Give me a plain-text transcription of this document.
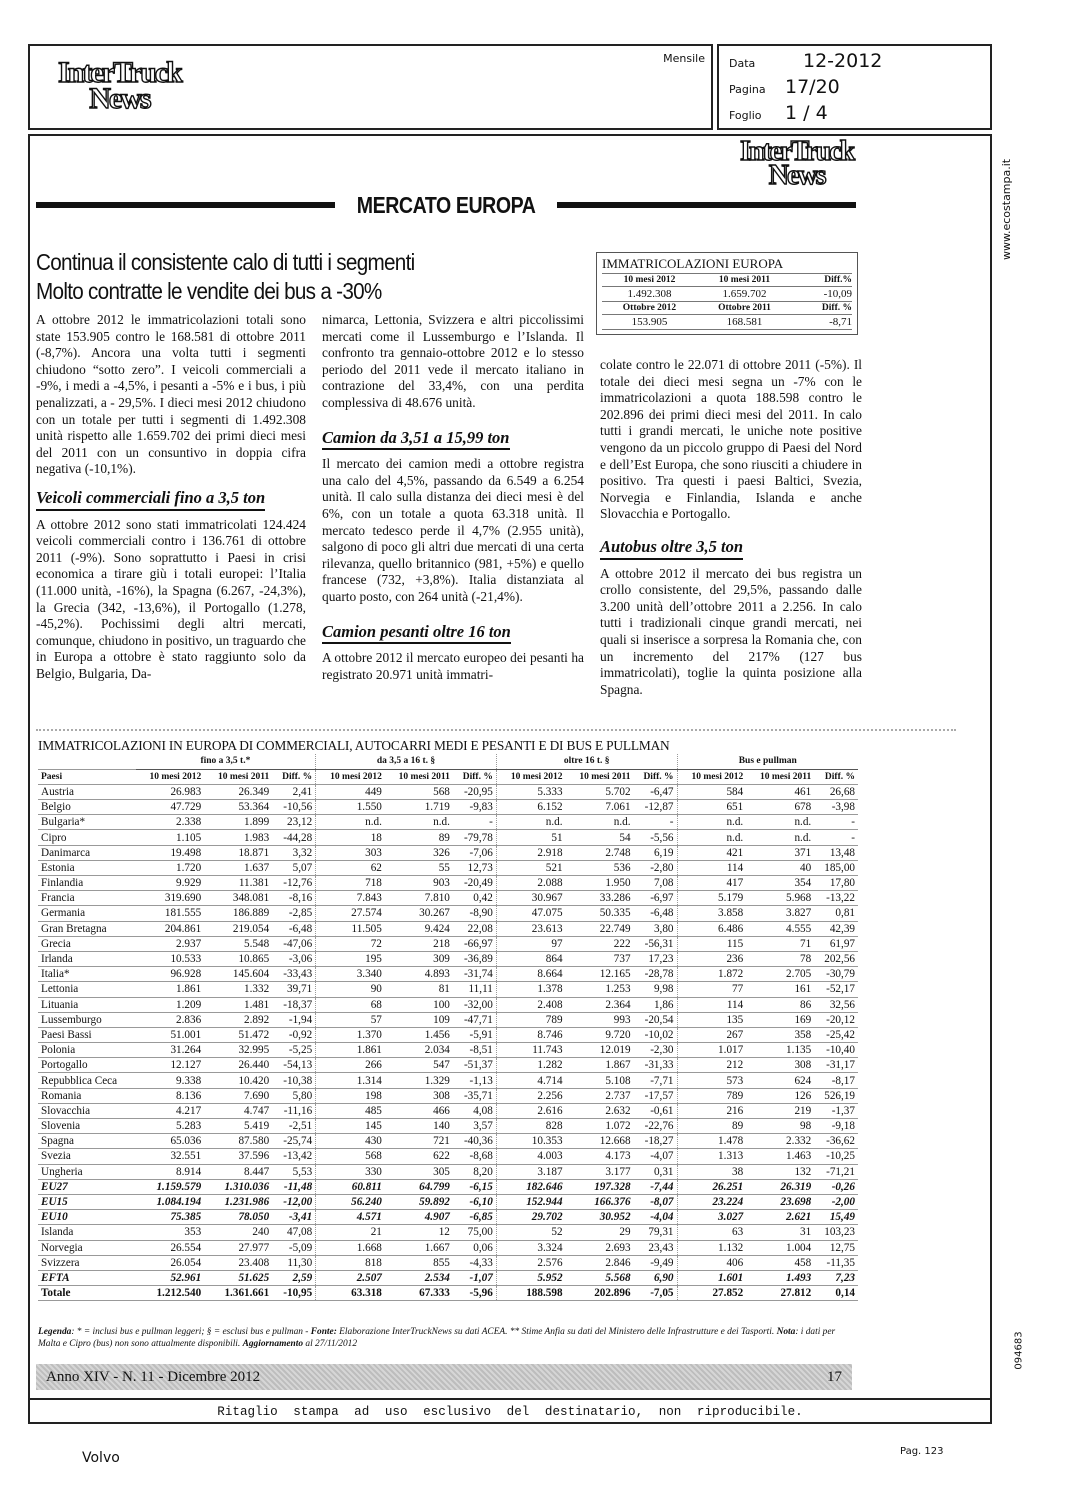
InterTruck
News
Mensile Data	12-2012
Pagina 17/20
Foglio 1 / 4
www.ecostampa.it
094683
InterTruck
News
MERCATO EUROPA
Continua il consistente calo di tutti i segmenti
Molto contratte le vendite dei bus a -30%
IMMATRICOLAZIONI EUROPA
10 mesi 2012	10 mesi 2011	Diff.%
1.492.308	1.659.702	-10,09
Ottobre 2012	Ottobre 2011	Diff. %
153.905	168.581	-8,71

A ottobre 2012 le immatricolazioni totali sono state 153.905 contro le 168.581 di ottobre 2011 (-8,7%). Ancora una volta tutti i segmenti chiudono “sotto zero”. I veicoli commerciali a -9%, i medi a -4,5%, i pesanti a -5% e i bus, i più penalizzati, a - 29,5%. I dieci mesi 2012 chiudono con un totale per tutti i segmenti di 1.492.308 unità rispetto alle 1.659.702 dei primi dieci mesi del 2011 con un consuntivo in doppia cifra negativa (-10,1%).

Veicoli commerciali fino a 3,5 ton

A ottobre 2012 sono stati immatricolati 124.424 veicoli commerciali contro i 136.761 di ottobre 2011 (-9%). Sono soprattutto i Paesi in crisi economica a tirare giù i totali europei: l’Italia (11.000 unità, -16%), la Spagna (6.267, -24,3%), la Grecia (342, -13,6%), il Portogallo (1.278, -45,2%). Pochissimi degli altri mercati, comunque, chiudono in positivo, un traguardo che in Europa a ottobre è stato raggiunto solo da Belgio, Bulgaria, Da-

nimarca, Lettonia, Svizzera e altri piccolissimi mercati come il Lussemburgo e l’Islanda. Il confronto tra gennaio-ottobre 2012 e lo stesso periodo del 2011 vede il mercato italiano in contrazione del 33,4%, con una perdita complessiva di 48.676 unità.

Camion da 3,51 a 15,99 ton

Il mercato dei camion medi a ottobre registra una calo del 4,5%, passando da 6.549 a 6.254 unità. Il calo sulla distanza dei dieci mesi è del 6%, con un totale a quota 63.318 unità. Il mercato tedesco perde il 4,7% (2.955 unità), salgono di poco gli altri due mercati di una certa rilevanza, quello britannico (981, +5%) e quello francese (732, +3,8%). Italia distanziata al quarto posto, con 264 unità (-21,4%).

Camion pesanti oltre 16 ton

A ottobre 2012 il mercato europeo dei pesanti ha registrato 20.971 unità immatri-

colate contro le 22.071 di ottobre 2011 (-5%). Il totale dei dieci mesi segna un -7% con le immatricolazioni a quota 188.598 contro le 202.896 dei primi dieci mesi del 2011. In calo tutti i grandi mercati, le uniche note positive vengono da un piccolo gruppo di Paesi del Nord e dell’Est Europa, che sono riusciti a chiudere in positivo. Tra questi i paesi Baltici, Svezia, Norvegia e Finlandia, Islanda e anche Slovacchia e Portogallo.

Autobus oltre 3,5 ton

A ottobre 2012 il mercato dei bus registra un crollo consistente, del 29,5%, passando dalle 3.200 unità dell’ottobre 2011 a 2.256. In calo tutti i tradizionali cinque grandi mercati, nei quali si inserisce a sorpresa la Romania che, con un incremento del 217% (127 bus immatricolati), toglie la quinta posizione alla Spagna.

IMMATRICOLAZIONI IN EUROPA DI COMMERCIALI, AUTOCARRI MEDI E PESANTI E DI BUS E PULLMAN
	fino a 3,5 t.*			da 3,5 a 16 t. §			oltre 16 t. §			Bus e pullman		
Paesi	10 mesi 2012	10 mesi 2011	Diff. %	10 mesi 2012	10 mesi 2011	Diff. %	10 mesi 2012	10 mesi 2011	Diff. %	10 mesi 2012	10 mesi 2011	Diff. %
Austria	26.983	26.349	2,41	449	568	-20,95	5.333	5.702	-6,47	584	461	26,68
Belgio	47.729	53.364	-10,56	1.550	1.719	-9,83	6.152	7.061	-12,87	651	678	-3,98
Bulgaria*	2.338	1.899	23,12	n.d.	n.d.	-	n.d.	n.d.	-	n.d.	n.d.	-
Cipro	1.105	1.983	-44,28	18	89	-79,78	51	54	-5,56	n.d.	n.d.	-
Danimarca	19.498	18.871	3,32	303	326	-7,06	2.918	2.748	6,19	421	371	13,48
Estonia	1.720	1.637	5,07	62	55	12,73	521	536	-2,80	114	40	185,00
Finlandia	9.929	11.381	-12,76	718	903	-20,49	2.088	1.950	7,08	417	354	17,80
Francia	319.690	348.081	-8,16	7.843	7.810	0,42	30.967	33.286	-6,97	5.179	5.968	-13,22
Germania	181.555	186.889	-2,85	27.574	30.267	-8,90	47.075	50.335	-6,48	3.858	3.827	0,81
Gran Bretagna	204.861	219.054	-6,48	11.505	9.424	22,08	23.613	22.749	3,80	6.486	4.555	42,39
Grecia	2.937	5.548	-47,06	72	218	-66,97	97	222	-56,31	115	71	61,97
Irlanda	10.533	10.865	-3,06	195	309	-36,89	864	737	17,23	236	78	202,56
Italia*	96.928	145.604	-33,43	3.340	4.893	-31,74	8.664	12.165	-28,78	1.872	2.705	-30,79
Lettonia	1.861	1.332	39,71	90	81	11,11	1.378	1.253	9,98	77	161	-52,17
Lituania	1.209	1.481	-18,37	68	100	-32,00	2.408	2.364	1,86	114	86	32,56
Lussemburgo	2.836	2.892	-1,94	57	109	-47,71	789	993	-20,54	135	169	-20,12
Paesi Bassi	51.001	51.472	-0,92	1.370	1.456	-5,91	8.746	9.720	-10,02	267	358	-25,42
Polonia	31.264	32.995	-5,25	1.861	2.034	-8,51	11.743	12.019	-2,30	1.017	1.135	-10,40
Portogallo	12.127	26.440	-54,13	266	547	-51,37	1.282	1.867	-31,33	212	308	-31,17
Repubblica Ceca	9.338	10.420	-10,38	1.314	1.329	-1,13	4.714	5.108	-7,71	573	624	-8,17
Romania	8.136	7.690	5,80	198	308	-35,71	2.256	2.737	-17,57	789	126	526,19
Slovacchia	4.217	4.747	-11,16	485	466	4,08	2.616	2.632	-0,61	216	219	-1,37
Slovenia	5.283	5.419	-2,51	145	140	3,57	828	1.072	-22,76	89	98	-9,18
Spagna	65.036	87.580	-25,74	430	721	-40,36	10.353	12.668	-18,27	1.478	2.332	-36,62
Svezia	32.551	37.596	-13,42	568	622	-8,68	4.003	4.173	-4,07	1.313	1.463	-10,25
Ungheria	8.914	8.447	5,53	330	305	8,20	3.187	3.177	0,31	38	132	-71,21
EU27	1.159.579	1.310.036	-11,48	60.811	64.799	-6,15	182.646	197.328	-7,44	26.251	26.319	-0,26
EU15	1.084.194	1.231.986	-12,00	56.240	59.892	-6,10	152.944	166.376	-8,07	23.224	23.698	-2,00
EU10	75.385	78.050	-3,41	4.571	4.907	-6,85	29.702	30.952	-4,04	3.027	2.621	15,49
Islanda	353	240	47,08	21	12	75,00	52	29	79,31	63	31	103,23
Norvegia	26.554	27.977	-5,09	1.668	1.667	0,06	3.324	2.693	23,43	1.132	1.004	12,75
Svizzera	26.054	23.408	11,30	818	855	-4,33	2.576	2.846	-9,49	406	458	-11,35
EFTA	52.961	51.625	2,59	2.507	2.534	-1,07	5.952	5.568	6,90	1.601	1.493	7,23
Totale	1.212.540	1.361.661	-10,95	63.318	67.333	-5,96	188.598	202.896	-7,05	27.852	27.812	0,14
Legenda: * = inclusi bus e pullman leggeri; § = esclusi bus e pullman - Fonte: Elaborazione InterTruckNews su dati ACEA. ** Stime Anfia su dati del Ministero delle Infrastrutture e dei Tasporti. Nota: i dati per Malta e Cipro (bus) non sono attualmente disponibili. Aggiornamento al 27/11/2012
Anno XIV - N. 11 - Dicembre 2012	17
Ritaglio stampa ad uso esclusivo del destinatario, non riproducibile.
Volvo	Pag. 123
